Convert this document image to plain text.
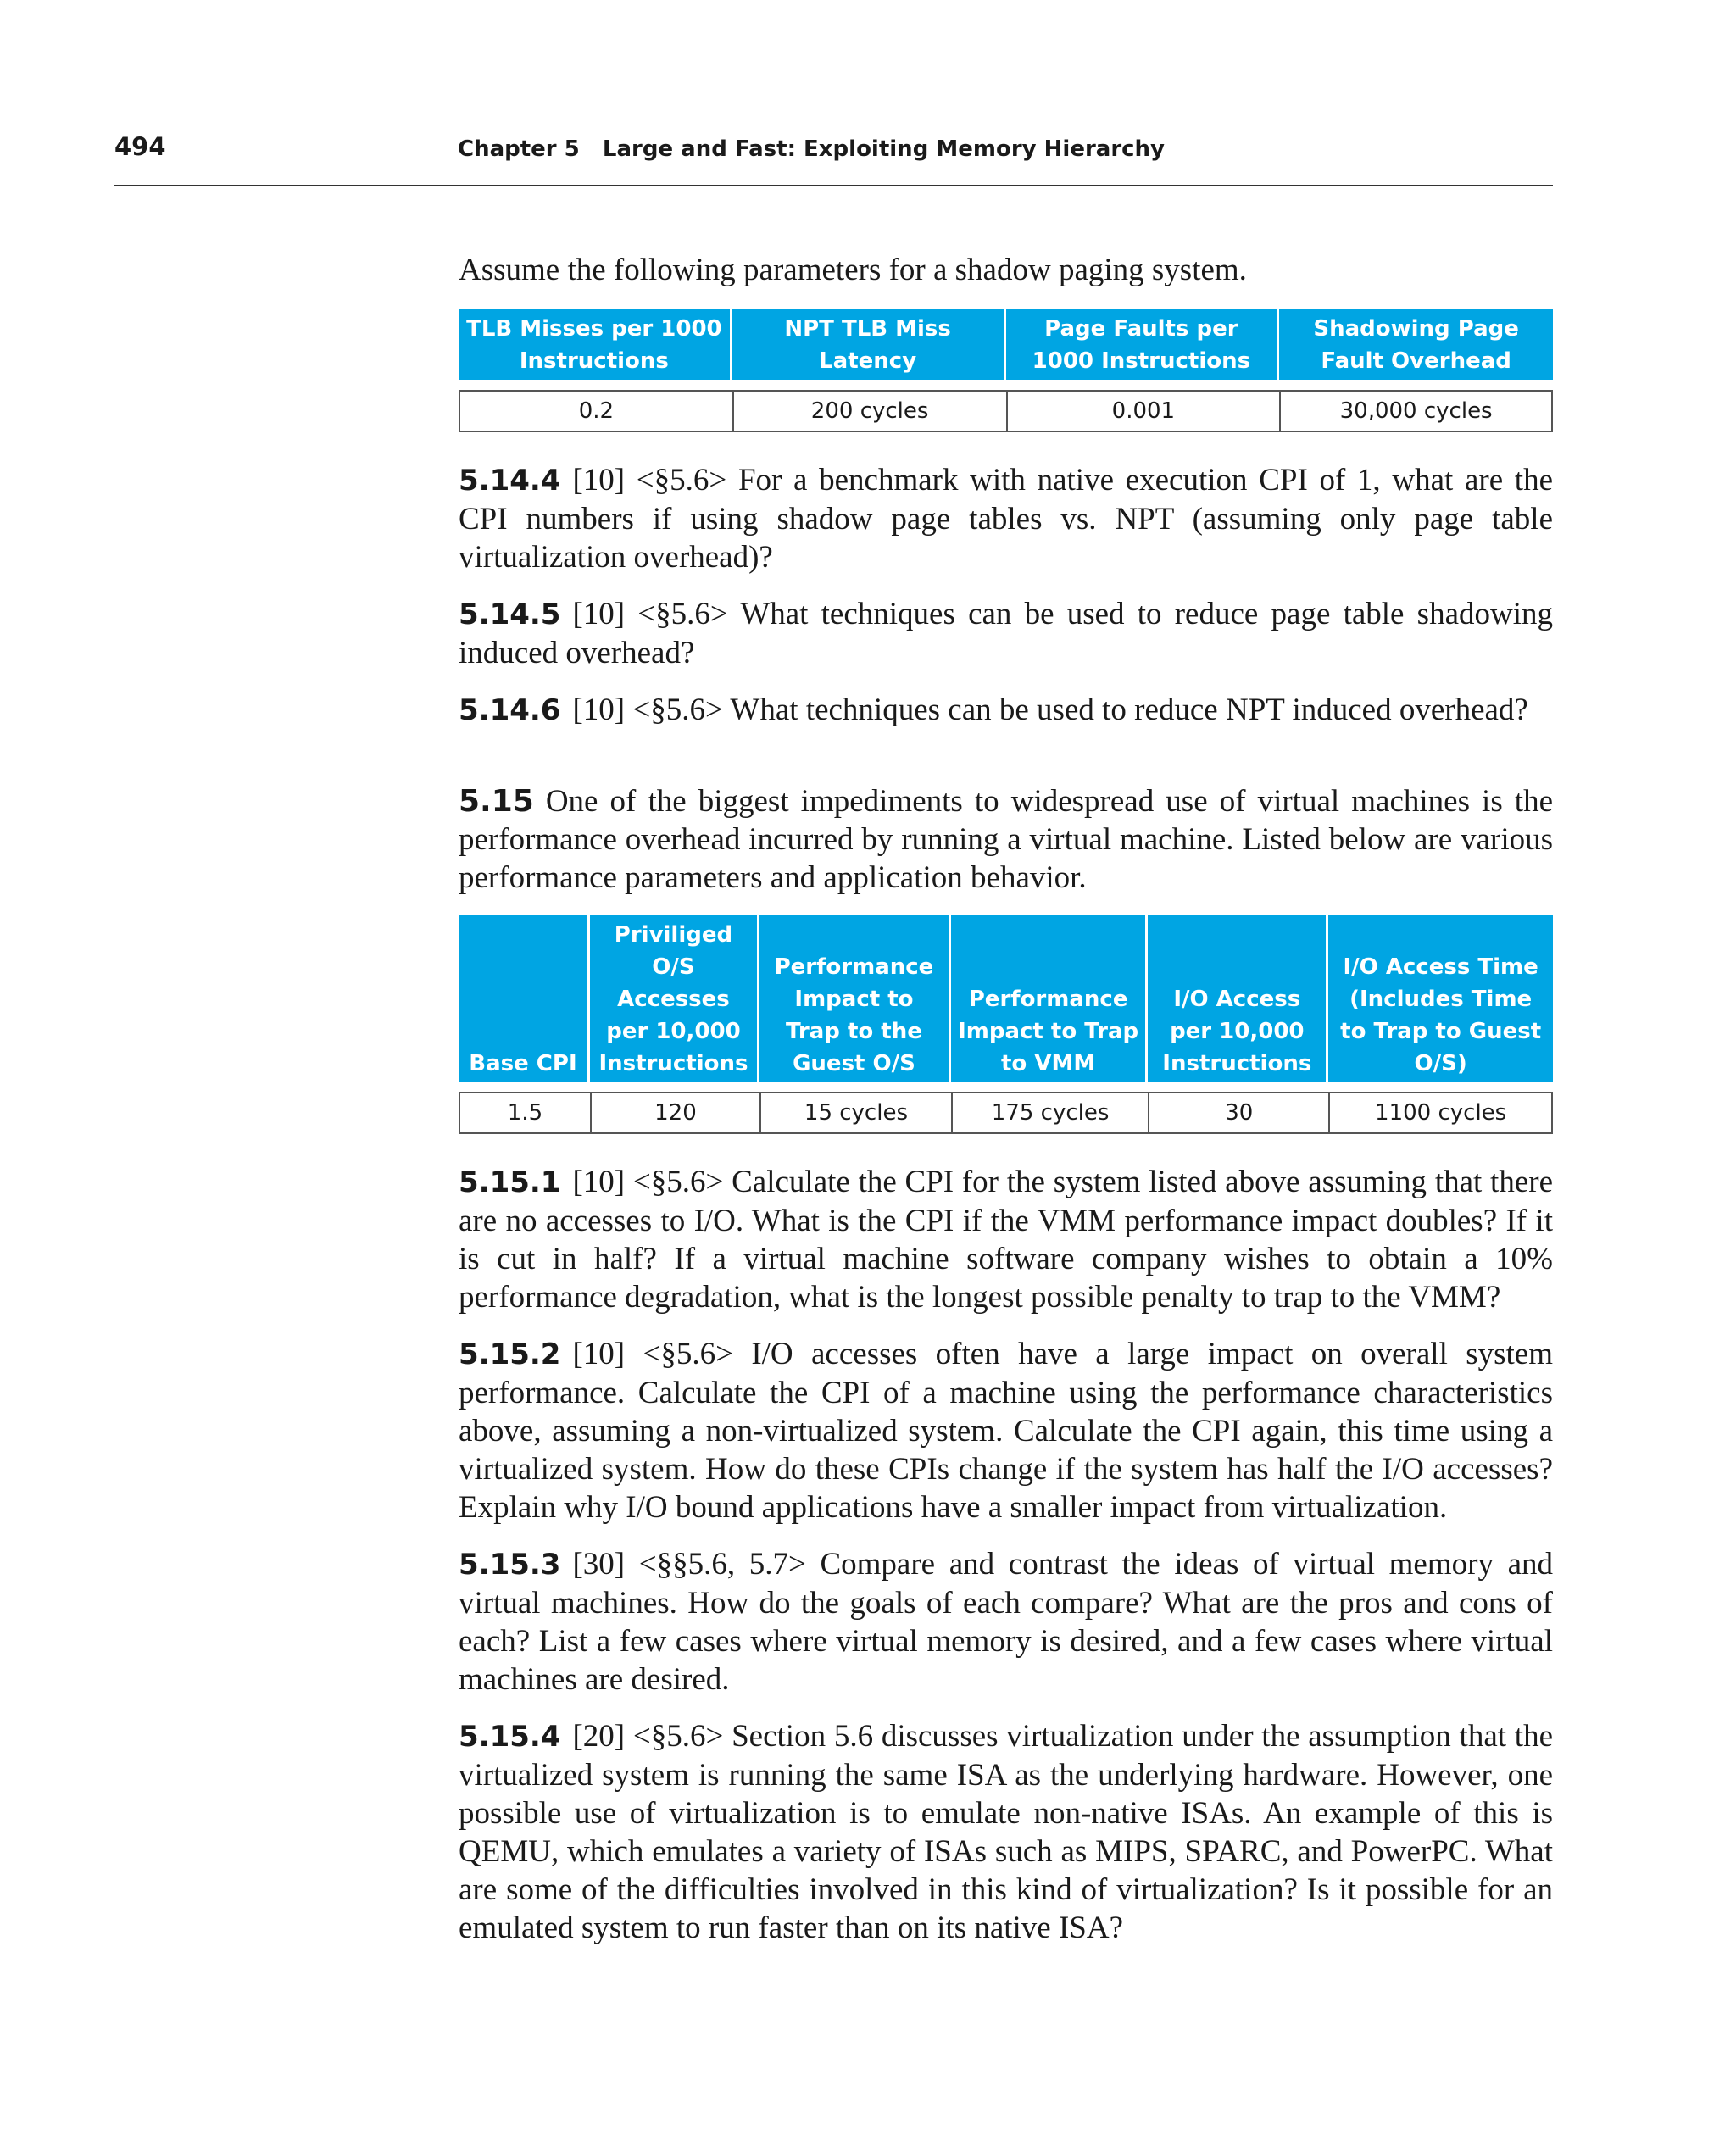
494	Chapter 5   Large and Fast: Exploiting Memory Hierarchy

Assume the following parameters for a shadow paging system.

TLB Misses per 1000 Instructions	NPT TLB Miss Latency	Page Faults per 1000 Instructions	Shadowing Page Fault Overhead

0.2	200 cycles	0.001	30,000 cycles

5.14.4 [10] <§5.6> For a benchmark with native execution CPI of 1, what are the CPI numbers if using shadow page tables vs. NPT (assuming only page table virtualization overhead)?

5.14.5 [10] <§5.6> What techniques can be used to reduce page table shadowing induced overhead?

5.14.6 [10] <§5.6> What techniques can be used to reduce NPT induced overhead?

5.15 One of the biggest impediments to widespread use of virtual machines is the performance overhead incurred by running a virtual machine. Listed below are various performance parameters and application behavior.

Base CPI	Priviliged O/S Accesses per 10,000 Instructions	Performance Impact to Trap to the Guest O/S	Performance Impact to Trap to VMM	I/O Access per 10,000 Instructions	I/O Access Time (Includes Time to Trap to Guest O/S)

1.5	120	15 cycles	175 cycles	30	1100 cycles

5.15.1 [10] <§5.6> Calculate the CPI for the system listed above assuming that there are no accesses to I/O. What is the CPI if the VMM performance impact doubles? If it is cut in half? If a virtual machine software company wishes to obtain a 10% performance degradation, what is the longest possible penalty to trap to the VMM?

5.15.2 [10] <§5.6> I/O accesses often have a large impact on overall system performance. Calculate the CPI of a machine using the performance characteristics above, assuming a non-virtualized system. Calculate the CPI again, this time using a virtualized system. How do these CPIs change if the system has half the I/O accesses? Explain why I/O bound applications have a smaller impact from virtualization.

5.15.3 [30] <§§5.6, 5.7> Compare and contrast the ideas of virtual memory and virtual machines. How do the goals of each compare? What are the pros and cons of each? List a few cases where virtual memory is desired, and a few cases where virtual machines are desired.

5.15.4 [20] <§5.6> Section 5.6 discusses virtualization under the assumption that the virtualized system is running the same ISA as the underlying hardware. However, one possible use of virtualization is to emulate non-native ISAs. An example of this is QEMU, which emulates a variety of ISAs such as MIPS, SPARC, and PowerPC. What are some of the difficulties involved in this kind of virtualization? Is it possible for an emulated system to run faster than on its native ISA?
